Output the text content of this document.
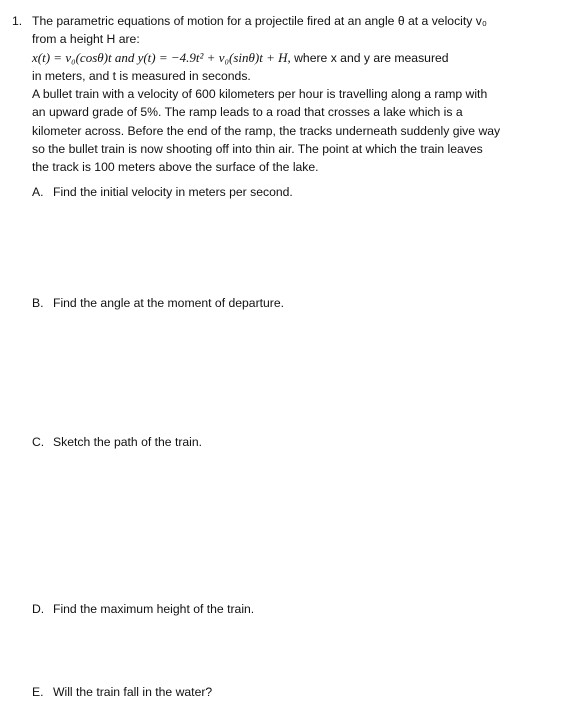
1. The parametric equations of motion for a projectile fired at an angle θ at a velocity v₀
from a height H are:
x(t) = v₀(cosθ)t and y(t) = −4.9t² + v₀(sinθ)t + H, where x and y are measured
in meters, and t is measured in seconds.
A bullet train with a velocity of 600 kilometers per hour is travelling along a ramp with
an upward grade of 5%. The ramp leads to a road that crosses a lake which is a
kilometer across. Before the end of the ramp, the tracks underneath suddenly give way
so the bullet train is now shooting off into thin air. The point at which the train leaves
the track is 100 meters above the surface of the lake.
A. Find the initial velocity in meters per second.
B. Find the angle at the moment of departure.
C. Sketch the path of the train.
D. Find the maximum height of the train.
E. Will the train fall in the water?
